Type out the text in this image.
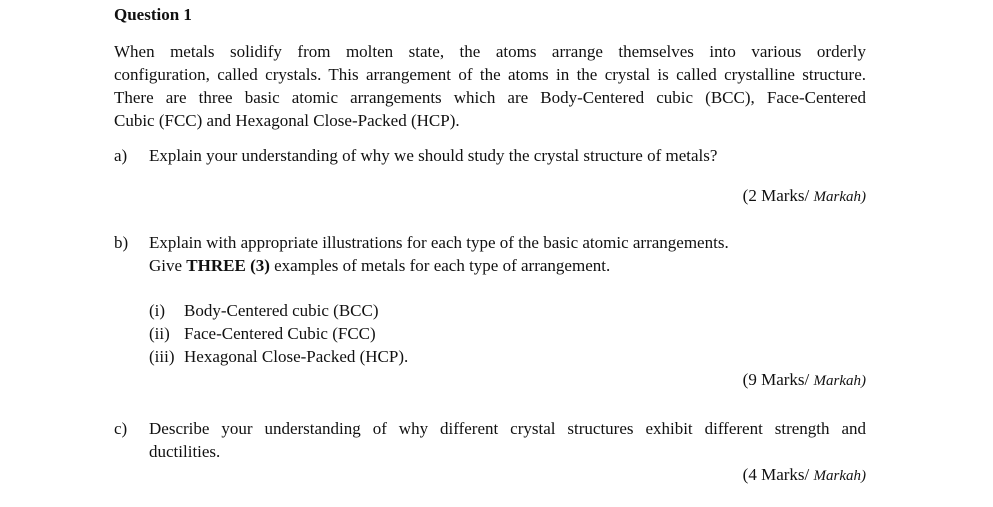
Question 1
When metals solidify from molten state, the atoms arrange themselves into various orderly
configuration, called crystals. This arrangement of the atoms in the crystal is called crystalline structure.
There are three basic atomic arrangements which are Body-Centered cubic (BCC), Face-Centered
Cubic (FCC) and Hexagonal Close-Packed (HCP).
a)	Explain your understanding of why we should study the crystal structure of metals?
(2 Marks/ Markah)
b)	Explain with appropriate illustrations for each type of the basic atomic arrangements.
Give THREE (3) examples of metals for each type of arrangement.
(i)	Body-Centered cubic (BCC)
(ii) Face-Centered Cubic (FCC)
(iii) Hexagonal Close-Packed (HCP).
(9 Marks/ Markah)
c)	Describe your understanding of why different crystal structures exhibit different strength and
ductilities.
(4 Marks/ Markah)
